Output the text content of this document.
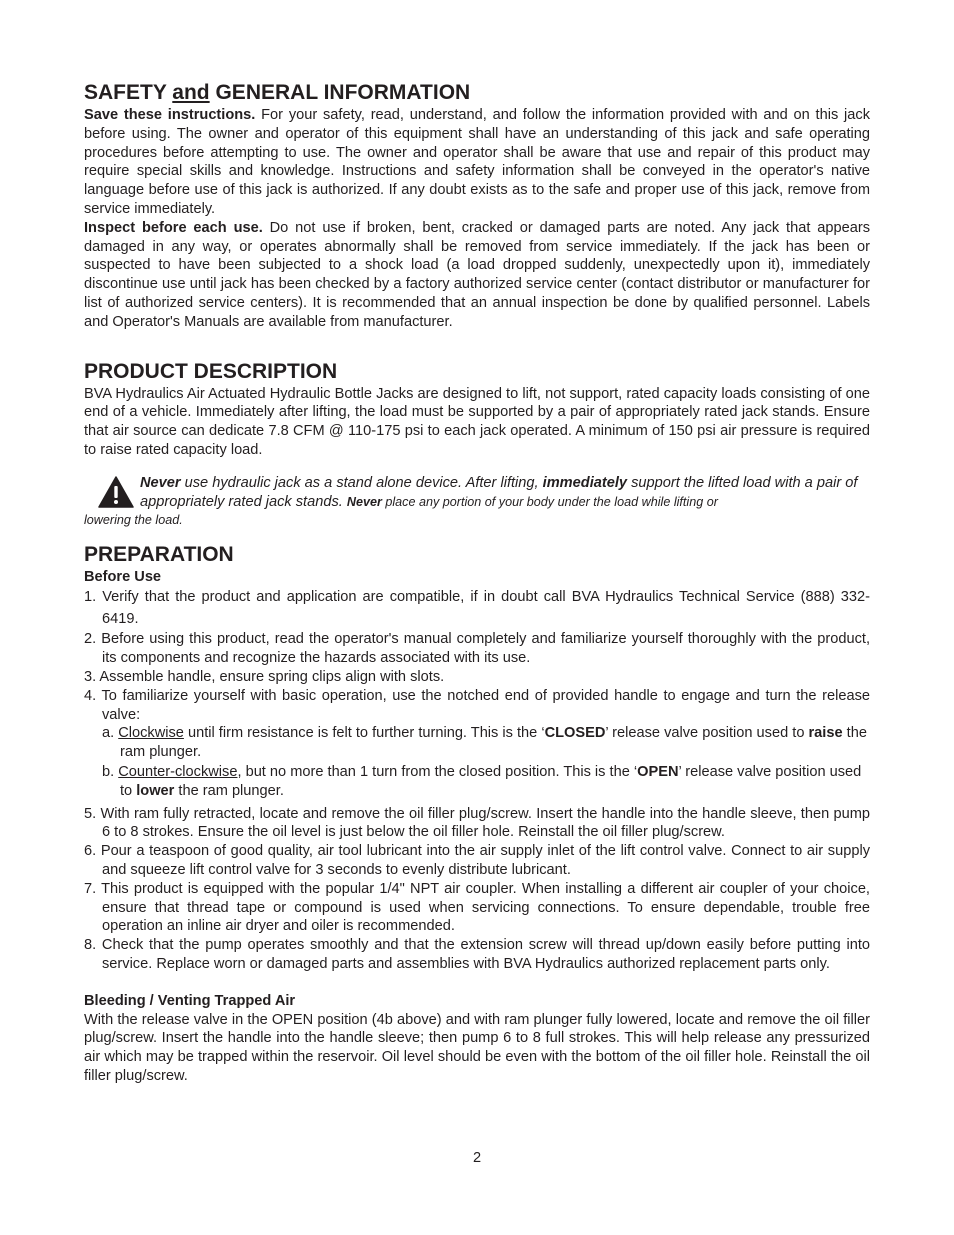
SAFETY and GENERAL INFORMATION

Save these instructions. For your safety, read, understand, and follow the information provided with and on this jack before using. The owner and operator of this equipment shall have an understanding of this jack and safe operating procedures before attempting to use. The owner and operator shall be aware that use and repair of this product may require special skills and knowledge. Instructions and safety information shall be conveyed in the operator's native language before use of this jack is authorized. If any doubt exists as to the safe and proper use of this jack, remove from service immediately.

Inspect before each use. Do not use if broken, bent, cracked or damaged parts are noted. Any jack that appears damaged in any way, or operates abnormally shall be removed from service immediately. If the jack has been or suspected to have been subjected to a shock load (a load dropped suddenly, unexpectedly upon it), immediately discontinue use until jack has been checked by a factory authorized service center (contact distributor or manufacturer for list of authorized service centers). It is recommended that an annual inspection be done by qualified personnel. Labels and Operator's Manuals are available from manufacturer.

PRODUCT DESCRIPTION

BVA Hydraulics Air Actuated Hydraulic Bottle Jacks are designed to lift, not support, rated capacity loads consisting of one end of a vehicle. Immediately after lifting, the load must be supported by a pair of appropriately rated jack stands. Ensure that air source can dedicate 7.8 CFM @ 110-175 psi to each jack operated. A minimum of 150 psi air pressure is required to raise rated capacity load.

Never use hydraulic jack as a stand alone device. After lifting, immediately support the lifted load with a pair of appropriately rated jack stands. Never place any portion of your body under the load while lifting or
lowering the load.
PREPARATION
Before Use
1. Verify that the product and application are compatible, if in doubt call BVA Hydraulics Technical Service (888) 332-6419.
2. Before using this product, read the operator's manual completely and familiarize yourself thoroughly with the product, its components and recognize the hazards associated with its use.
3. Assemble handle, ensure spring clips align with slots.
4. To familiarize yourself with basic operation, use the notched end of provided handle to engage and turn the release valve:
a. Clockwise until firm resistance is felt to further turning. This is the ‘CLOSED’ release valve position used to raise the ram plunger.
b. Counter-clockwise, but no more than 1 turn from the closed position. This is the ‘OPEN’ release valve position used to lower the ram plunger.
5. With ram fully retracted, locate and remove the oil filler plug/screw. Insert the handle into the handle sleeve, then pump 6 to 8 strokes. Ensure the oil level is just below the oil filler hole. Reinstall the oil filler plug/screw.
6. Pour a teaspoon of good quality, air tool lubricant into the air supply inlet of the lift control valve. Connect to air supply and squeeze lift control valve for 3 seconds to evenly distribute lubricant.
7. This product is equipped with the popular 1/4" NPT air coupler. When installing a different air coupler of your choice, ensure that thread tape or compound is used when servicing connections. To ensure dependable, trouble free operation an inline air dryer and oiler is recommended.
8. Check that the pump operates smoothly and that the extension screw will thread up/down easily before putting into service. Replace worn or damaged parts and assemblies with BVA Hydraulics authorized replacement parts only.
Bleeding / Venting Trapped Air

With the release valve in the OPEN position (4b above) and with ram plunger fully lowered, locate and remove the oil filler plug/screw. Insert the handle into the handle sleeve; then pump 6 to 8 full strokes. This will help release any pressurized air which may be trapped within the reservoir. Oil level should be even with the bottom of the oil filler hole. Reinstall the oil filler plug/screw.

2
